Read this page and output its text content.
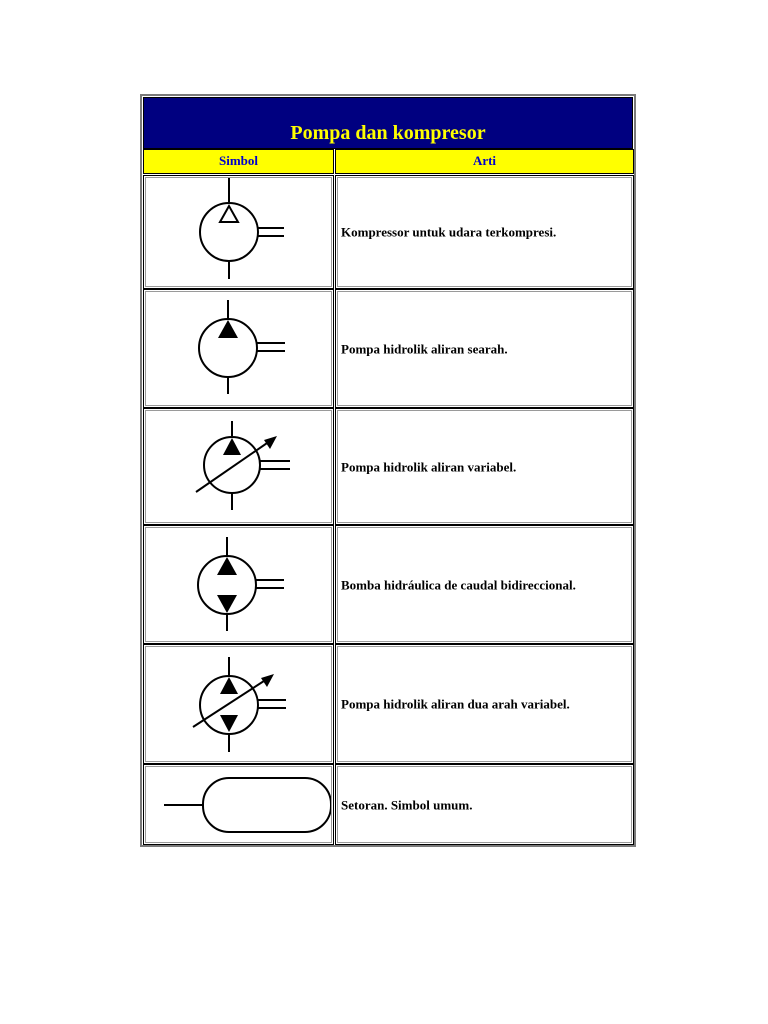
Pompa dan kompresor
Simbol	Arti
Kompressor untuk udara terkompresi.
Pompa hidrolik aliran searah.
Pompa hidrolik aliran variabel.
Bomba hidráulica de caudal bidireccional.
Pompa hidrolik aliran dua arah variabel.
Setoran. Simbol umum.
